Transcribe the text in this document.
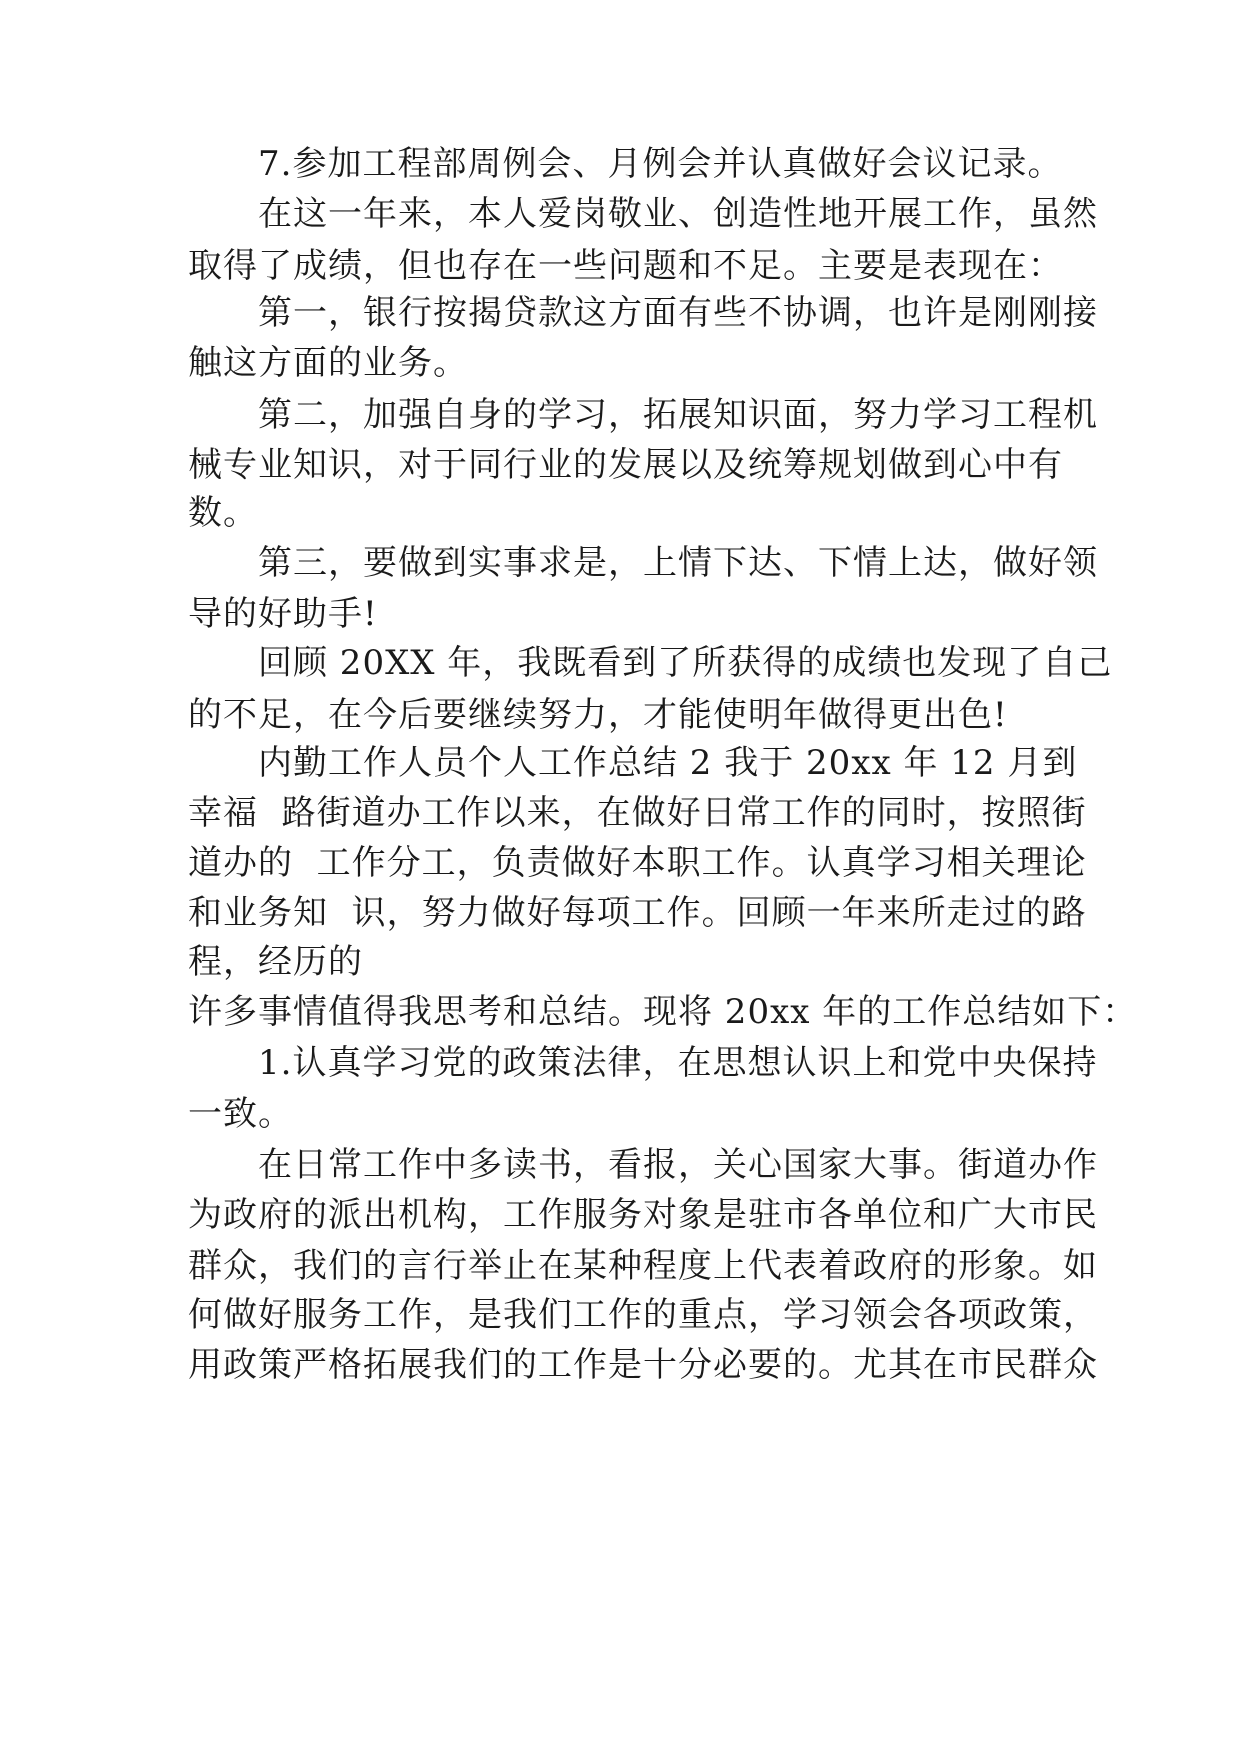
7.参加工程部周例会、月例会并认真做好会议记录。
在这一年来，本人爱岗敬业、创造性地开展工作，虽然
取得了成绩，但也存在一些问题和不足。主要是表现在：
第一，银行按揭贷款这方面有些不协调，也许是刚刚接
触这方面的业务。
第二，加强自身的学习，拓展知识面，努力学习工程机
械专业知识，对于同行业的发展以及统筹规划做到心中有
数。
第三，要做到实事求是，上情下达、下情上达，做好领
导的好助手!
回顾 20XX 年，我既看到了所获得的成绩也发现了自己
的不足，在今后要继续努力，才能使明年做得更出色!
内勤工作人员个人工作总结 2 我于 20xx 年 12 月到
幸福  路街道办工作以来，在做好日常工作的同时，按照街
道办的  工作分工，负责做好本职工作。认真学习相关理论
和业务知  识，努力做好每项工作。回顾一年来所走过的路
程，经历的
许多事情值得我思考和总结。现将 20xx 年的工作总结如下：
1.认真学习党的政策法律，在思想认识上和党中央保持
一致。
在日常工作中多读书，看报，关心国家大事。街道办作
为政府的派出机构，工作服务对象是驻市各单位和广大市民
群众，我们的言行举止在某种程度上代表着政府的形象。如
何做好服务工作，是我们工作的重点，学习领会各项政策，
用政策严格拓展我们的工作是十分必要的。尤其在市民群众
